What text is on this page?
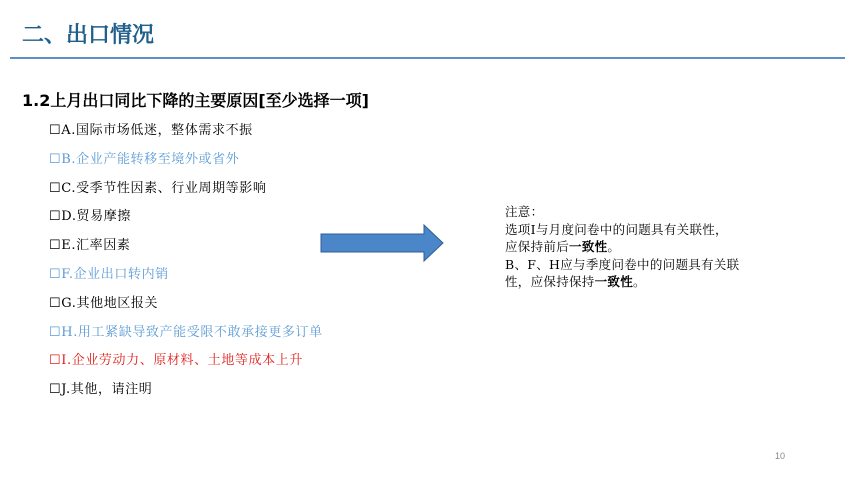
二、出口情况
1.2上月出口同比下降的主要原因[至少选择一项]
☐A.国际市场低迷，整体需求不振
☐B.企业产能转移至境外或省外
☐C.受季节性因素、行业周期等影响
☐D.贸易摩擦
☐E.汇率因素
☐F.企业出口转内销
☐G.其他地区报关
☐H.用工紧缺导致产能受限不敢承接更多订单
☐I.企业劳动力、原材料、土地等成本上升
☐J.其他，请注明
注意：
选项I与月度问卷中的问题具有关联性，
应保持前后一致性。
B、F、H应与季度问卷中的问题具有关联
性，应保持保持一致性。
10
